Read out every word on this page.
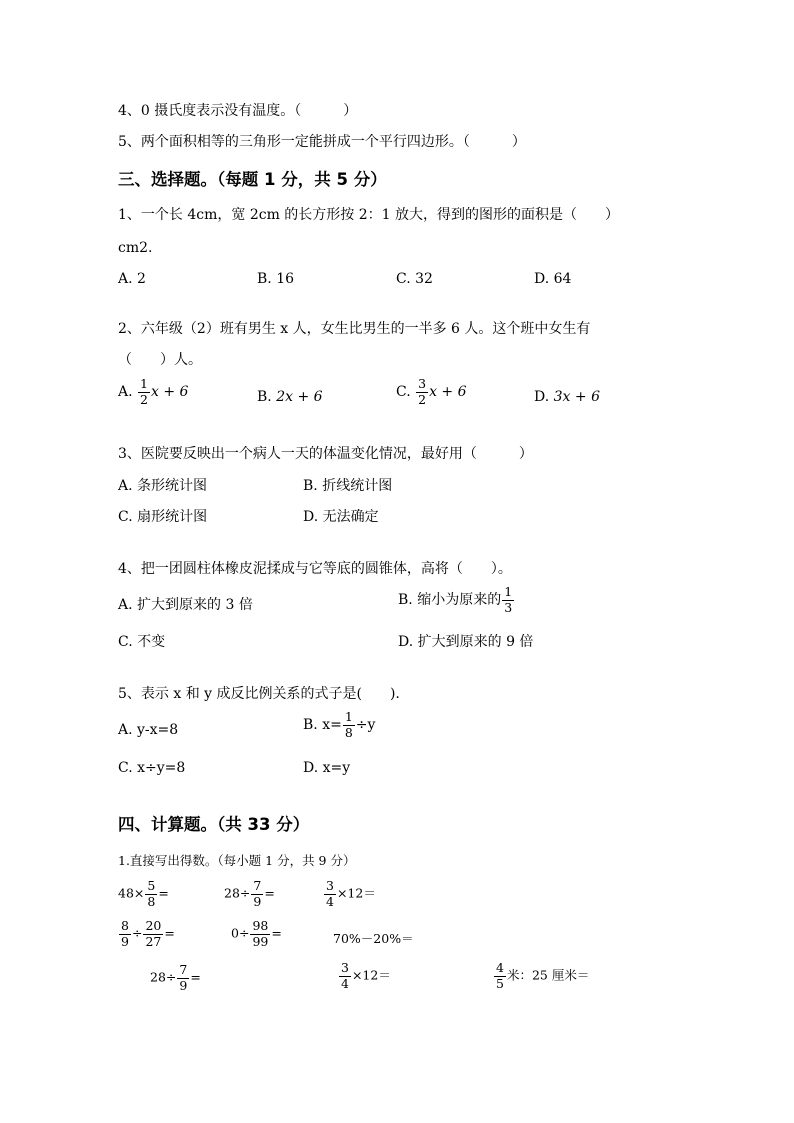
4、0 摄氏度表示没有温度。（　　　）
5、两个面积相等的三角形一定能拼成一个平行四边形。（　　　）
三、选择题。（每题 1 分，共 5 分）
1、一个长 4cm，宽 2cm 的长方形按 2：1 放大，得到的图形的面积是（　　）
cm2.
A. 2	B. 16	C. 32	D. 64
2、六年级（2）班有男生 x 人，女生比男生的一半多 6 人。这个班中女生有
（　　）人。
A. $\frac{1}{2}$ x + 6	B. 2x + 6	C. $\frac{3}{2}$ x + 6	D. 3x + 6
3、医院要反映出一个病人一天的体温变化情况，最好用（　　　）
A. 条形统计图	B. 折线统计图
C. 扇形统计图	D. 无法确定
4、把一团圆柱体橡皮泥揉成与它等底的圆锥体，高将（　　）。
A. 扩大到原来的 3 倍	B. 缩小为原来的 $\frac{1}{3}$
C. 不变	D. 扩大到原来的 9 倍
5、表示 x 和 y 成反比例关系的式子是(　　).
A. y-x=8	B. $x= \frac{1}{8} \div y$
C. x÷y=8	D. x=y
四、计算题。（共 33 分）
1.直接写出得数。（每小题 1 分，共 9 分）
$48\times \frac{5}{8}$ =	$28\div \frac{7}{9}$ =	$\frac{3}{4} \times 12=$
$\frac{8}{9} \div \frac{20}{27}$ =	$0\div \frac{98}{99}$ =	70%－20%＝
$28\div \frac{7}{9}$ =	$\frac{3}{4} \times 12=$	$\frac{4}{5}$ 米：25 厘米＝
